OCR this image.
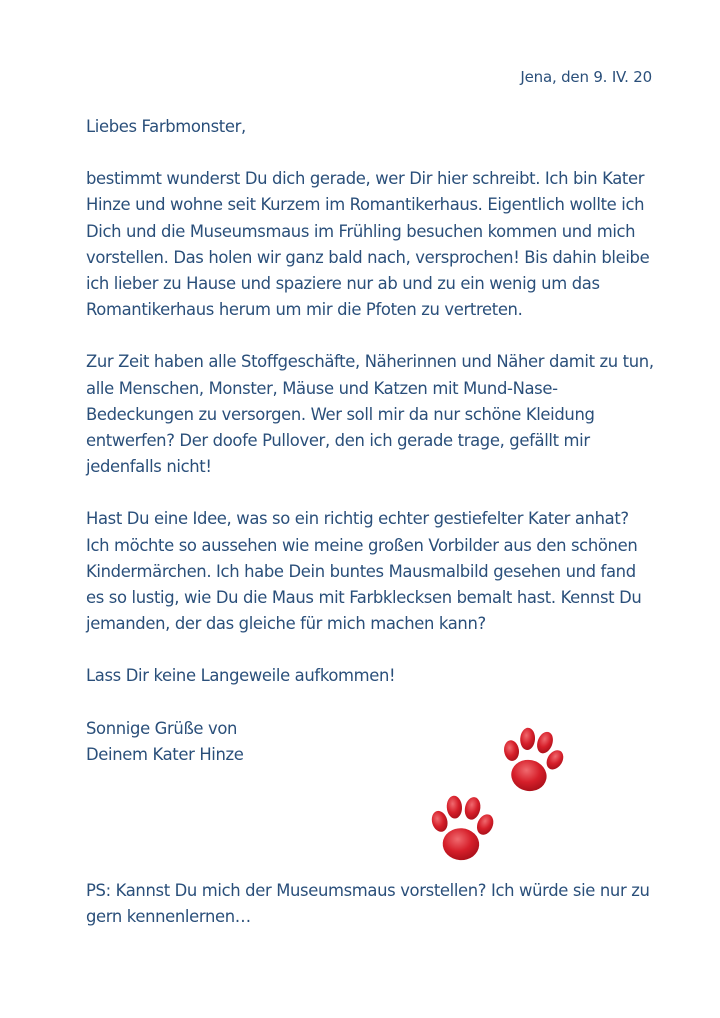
Jena, den 9. IV. 20

Liebes Farbmonster,

bestimmt wunderst Du dich gerade, wer Dir hier schreibt. Ich bin Kater Hinze und wohne seit Kurzem im Romantikerhaus. Eigentlich wollte ich Dich und die Museumsmaus im Frühling besuchen kommen und mich vorstellen. Das holen wir ganz bald nach, versprochen! Bis dahin bleibe ich lieber zu Hause und spaziere nur ab und zu ein wenig um das Romantikerhaus herum um mir die Pfoten zu vertreten.

Zur Zeit haben alle Stoffgeschäfte, Näherinnen und Näher damit zu tun, alle Menschen, Monster, Mäuse und Katzen mit Mund-Nase-Bedeckungen zu versorgen. Wer soll mir da nur schöne Kleidung entwerfen? Der doofe Pullover, den ich gerade trage, gefällt mir jedenfalls nicht!

Hast Du eine Idee, was so ein richtig echter gestiefelter Kater anhat? Ich möchte so aussehen wie meine großen Vorbilder aus den schönen Kindermärchen. Ich habe Dein buntes Mausmalbild gesehen und fand es so lustig, wie Du die Maus mit Farbklecksen bemalt hast. Kennst Du jemanden, der das gleiche für mich machen kann?

Lass Dir keine Langeweile aufkommen!

Sonnige Grüße von

Deinem Kater Hinze

PS: Kannst Du mich der Museumsmaus vorstellen? Ich würde sie nur zu gern kennenlernen…
